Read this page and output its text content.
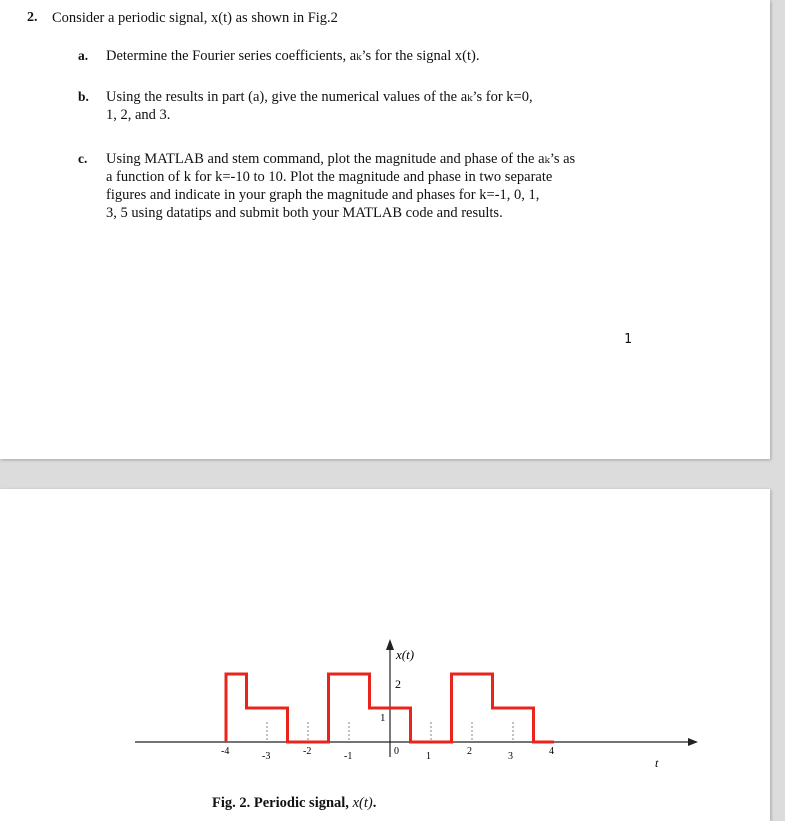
2. Consider a periodic signal, x(t) as shown in Fig.2
a. Determine the Fourier series coefficients, aₖ’s for the signal x(t).
b. Using the results in part (a), give the numerical values of the aₖ’s for k=0,
1, 2, and 3.
c. Using MATLAB and stem command, plot the magnitude and phase of the aₖ’s as
a function of k for k=-10 to 10. Plot the magnitude and phase in two separate
figures and indicate in your graph the magnitude and phases for k=-1, 0, 1,
3, 5 using datatips and submit both your MATLAB code and results.
1
x(t)
t
2
1
-4	-3	-2	-1	0	1	2	3	4
Fig. 2. Periodic signal, x(t).
